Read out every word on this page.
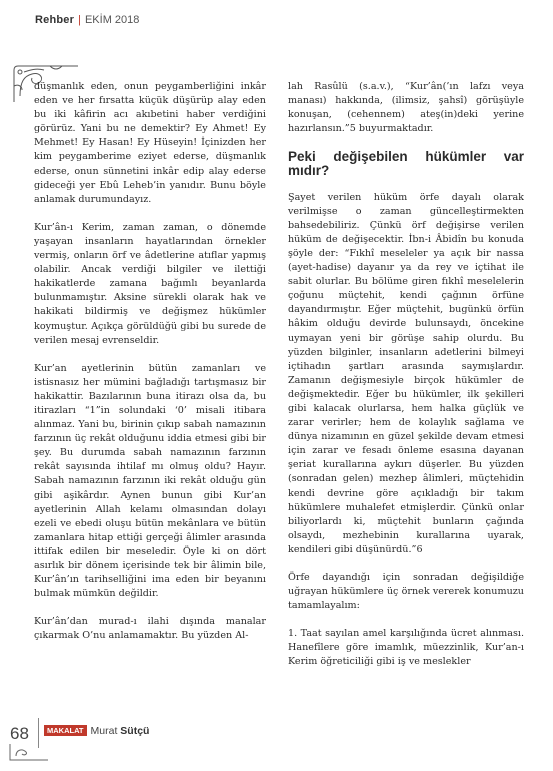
Rehber | EKİM 2018

düşmanlık eden, onun peygamberliğini inkâr eden ve her fırsatta küçük düşürüp alay eden bu iki kâfirin acı akıbetini haber verdiğini görürüz. Yani bu ne demektir? Ey Ahmet! Ey Mehmet! Ey Hasan! Ey Hüseyin! İçinizden her kim peygamberime eziyet ederse, düşmanlık ederse, onun sünnetini inkâr edip alay ederse gideceği yer Ebû Leheb’in yanıdır. Bunu böyle anlamak durumundayız.

Kur’ân-ı Kerim, zaman zaman, o dönemde yaşayan insanların hayatlarından örnekler vermiş, onların örf ve âdetlerine atıflar yapmış olabilir. Ancak verdiği bilgiler ve ilettiği hakikatlerde zamana bağımlı beyanlarda bulunmamıştır. Aksine sürekli olarak hak ve hakikati bildirmiş ve değişmez hükümler koymuştur. Açıkça görüldüğü gibi bu surede de verilen mesaj evrenseldir.

Kur’an ayetlerinin bütün zamanları ve istisnasız her mümini bağladığı tartışmasız bir hakikattir. Bazılarının buna itirazı olsa da, bu itirazları “1”in solundaki ‘0’ misali itibara alınmaz. Yani bu, birinin çıkıp sabah namazının farzının üç rekât olduğunu iddia etmesi gibi bir şey. Bu durumda sabah namazının farzının rekât sayısında ihtilaf mı olmuş oldu? Hayır. Sabah namazının farzının iki rekât olduğu gün gibi aşikârdır. Aynen bunun gibi Kur’an ayetlerinin Allah kelamı olmasından dolayı ezeli ve ebedi oluşu bütün mekânlara ve bütün zamanlara hitap ettiği gerçeği âlimler arasında ittifak edilen bir meseledir. Öyle ki on dört asırlık bir dönem içerisinde tek bir âlimin bile, Kur’ân’ın tarihselliğini ima eden bir beyanını bulmak mümkün değildir.

Kur’ân’dan murad-ı ilahi dışında manalar çıkarmak O’nu anlamamaktır. Bu yüzden Al-

lah Rasûlü (s.a.v.), “Kur’ân(’ın lafzı veya manası) hakkında, (ilimsiz, şahsî) görüşüyle konuşan, (cehennem) ateş(in)deki yerine hazırlansın.”5 buyurmaktadır.

Peki değişebilen hükümler var mıdır?

Şayet verilen hüküm örfe dayalı olarak verilmişse o zaman güncelleştirmekten bahsedebiliriz. Çünkü örf değişirse verilen hüküm de değişecektir. İbn-i Âbidîn bu konuda şöyle der: “Fıkhî meseleler ya açık bir nassa (ayet-hadise) dayanır ya da rey ve içtihat ile sabit olurlar. Bu bölüme giren fıkhî meselelerin çoğunu müçtehit, kendi çağının örfüne dayandırmıştır. Eğer müçtehit, bugünkü örfün hâkim olduğu devirde bulunsaydı, öncekine uymayan yeni bir görüşe sahip olurdu. Bu yüzden bilginler, insanların adetlerini bilmeyi içtihadın şartları arasında saymışlardır. Zamanın değişmesiyle birçok hükümler de değişmektedir. Eğer bu hükümler, ilk şekilleri gibi kalacak olurlarsa, hem halka güçlük ve zarar verirler; hem de kolaylık sağlama ve dünya nizamının en güzel şekilde devam etmesi için zarar ve fesadı önleme esasına dayanan şeriat kurallarına aykırı düşerler. Bu yüzden (sonradan gelen) mezhep âlimleri, müçtehidin kendi devrine göre açıkladığı bir takım hükümlere muhalefet etmişlerdir. Çünkü onlar biliyorlardı ki, müçtehit bunların çağında olsaydı, mezhebinin kurallarına uyarak, kendileri gibi düşünürdü.”6

Örfe dayandığı için sonradan değişildiğe uğrayan hükümlere üç örnek vererek konumuzu tamamlayalım:

1. Taat sayılan amel karşılığında ücret alınması. Hanefîlere göre imamlık, müezzinlik, Kur’an-ı Kerim öğreticiliği gibi iş ve meslekler

68	MAKALAT Murat Sütçü
